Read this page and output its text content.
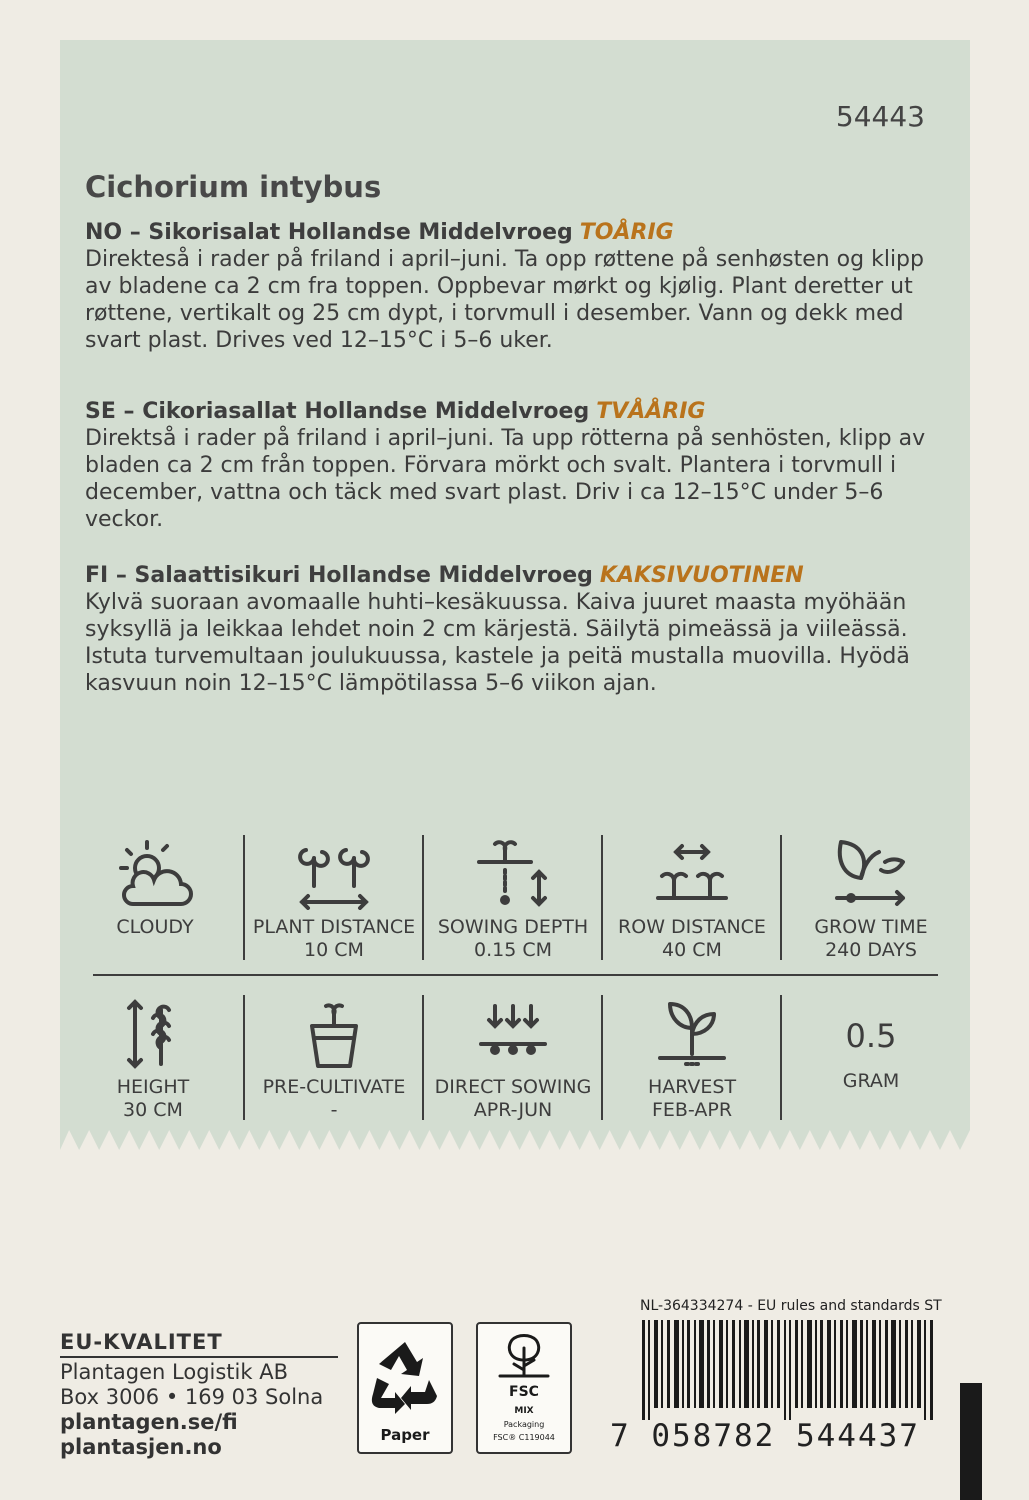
54443
Cichorium intybus
NO – Sikorisalat Hollandse Middelvroeg TOÅRIG
Direkteså i rader på friland i april–juni. Ta opp røttene på senhøsten og klipp av bladene ca 2 cm fra toppen. Oppbevar mørkt og kjølig. Plant deretter ut røttene, vertikalt og 25 cm dypt, i torvmull i desember. Vann og dekk med svart plast. Drives ved 12–15°C i 5–6 uker.
SE – Cikoriasallat Hollandse Middelvroeg TVÅÅRIG
Direktså i rader på friland i april–juni. Ta upp rötterna på senhösten, klipp av bladen ca 2 cm från toppen. Förvara mörkt och svalt. Plantera i torvmull i december, vattna och täck med svart plast. Driv i ca 12–15°C under 5–6 veckor.
FI – Salaattisikuri Hollandse Middelvroeg KAKSIVUOTINEN
Kylvä suoraan avomaalle huhti–kesäkuussa. Kaiva juuret maasta myöhään syksyllä ja leikkaa lehdet noin 2 cm kärjestä. Säilytä pimeässä ja viileässä. Istuta turvemultaan joulukuussa, kastele ja peitä mustalla muovilla. Hyödä kasvuun noin 12–15°C lämpötilassa 5–6 viikon ajan.
CLOUDY	PLANT DISTANCE
10 CM
SOWING DEPTH
0.15 CM
ROW DISTANCE
40 CM
GROW TIME
240 DAYS
HEIGHT
30 CM
PRE-CULTIVATE
-
DIRECT SOWING
APR-JUN
HARVEST
FEB-APR
0.5
GRAM
EU-KVALITET
Plantagen Logistik AB
Box 3006 • 169 03 Solna
plantagen.se/fi
plantasjen.no	Paper
FSC
MIX
Packaging
FSC® C119044
NL-364334274 - EU rules and standards ST
7 058782 544437
